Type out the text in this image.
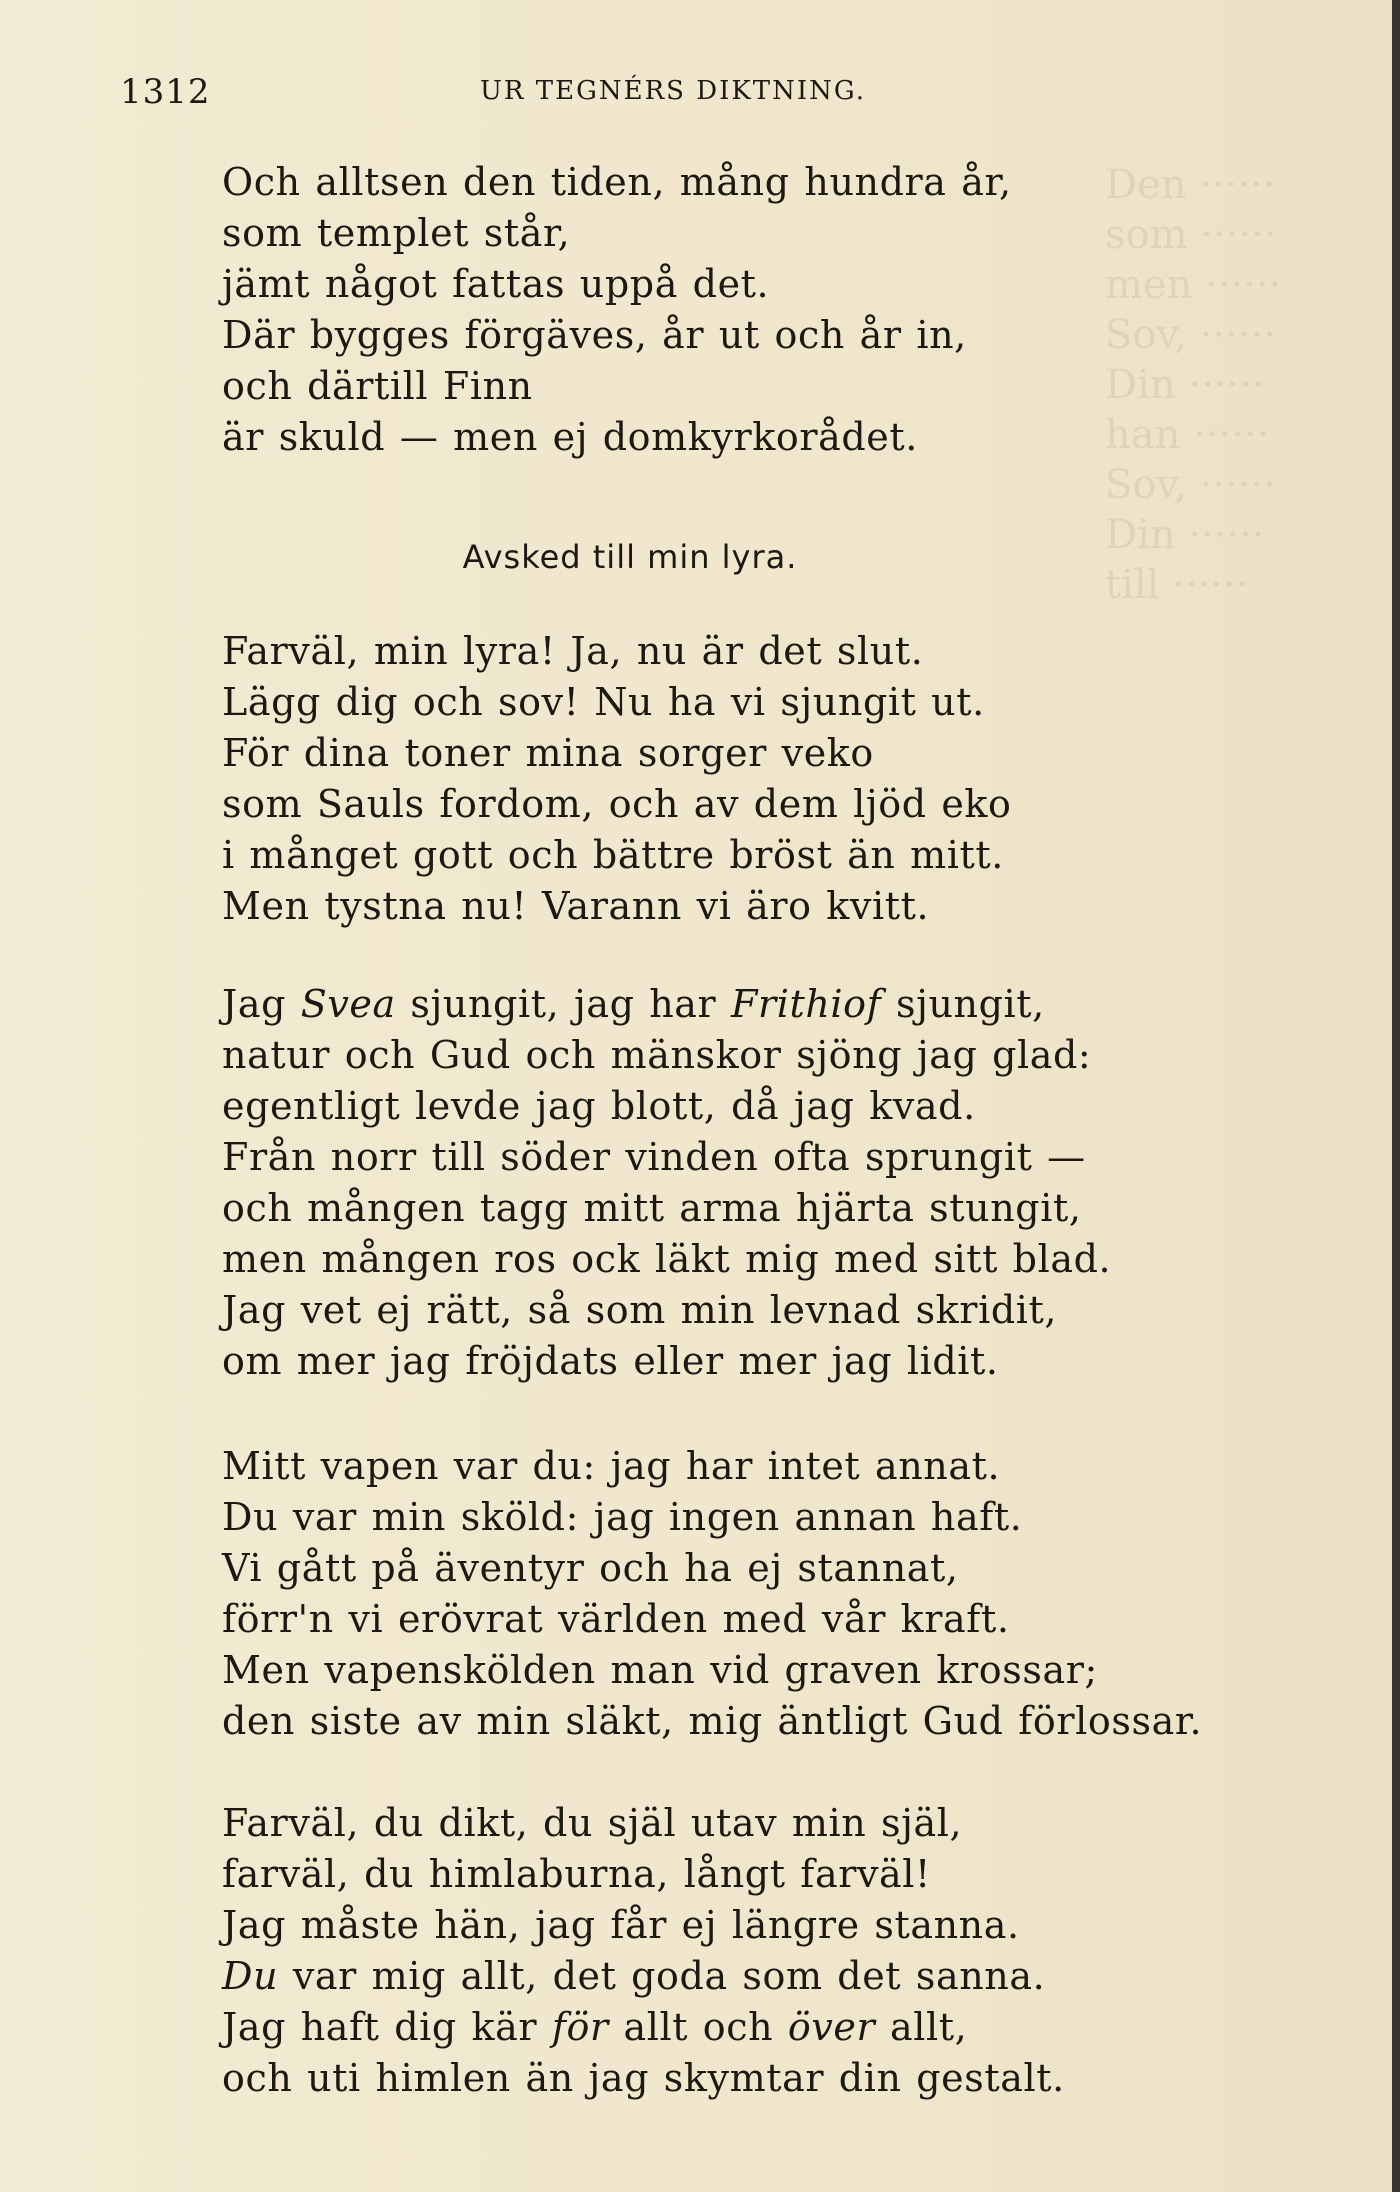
Den ······
som ······
men ······
Sov, ······
Din ······
han ······
Sov, ······
Din ······
till ······
1312	UR TEGNÉRS DIKTNING.
Och alltsen den tiden, mång hundra år,
som templet står,
jämt något fattas uppå det.
Där bygges förgäves, år ut och år in,
och därtill Finn
är skuld — men ej domkyrkorådet.
Avsked till min lyra.
Farväl, min lyra! Ja, nu är det slut.
Lägg dig och sov! Nu ha vi sjungit ut.
För dina toner mina sorger veko
som Sauls fordom, och av dem ljöd eko
i månget gott och bättre bröst än mitt.
Men tystna nu! Varann vi äro kvitt.
Jag Svea sjungit, jag har Frithiof sjungit,
natur och Gud och mänskor sjöng jag glad:
egentligt levde jag blott, då jag kvad.
Från norr till söder vinden ofta sprungit —
och mången tagg mitt arma hjärta stungit,
men mången ros ock läkt mig med sitt blad.
Jag vet ej rätt, så som min levnad skridit,
om mer jag fröjdats eller mer jag lidit.
Mitt vapen var du: jag har intet annat.
Du var min sköld: jag ingen annan haft.
Vi gått på äventyr och ha ej stannat,
förr'n vi erövrat världen med vår kraft.
Men vapenskölden man vid graven krossar;
den siste av min släkt, mig äntligt Gud förlossar.
Farväl, du dikt, du själ utav min själ,
farväl, du himlaburna, långt farväl!
Jag måste hän, jag får ej längre stanna.
Du var mig allt, det goda som det sanna.
Jag haft dig kär för allt och över allt,
och uti himlen än jag skymtar din gestalt.
